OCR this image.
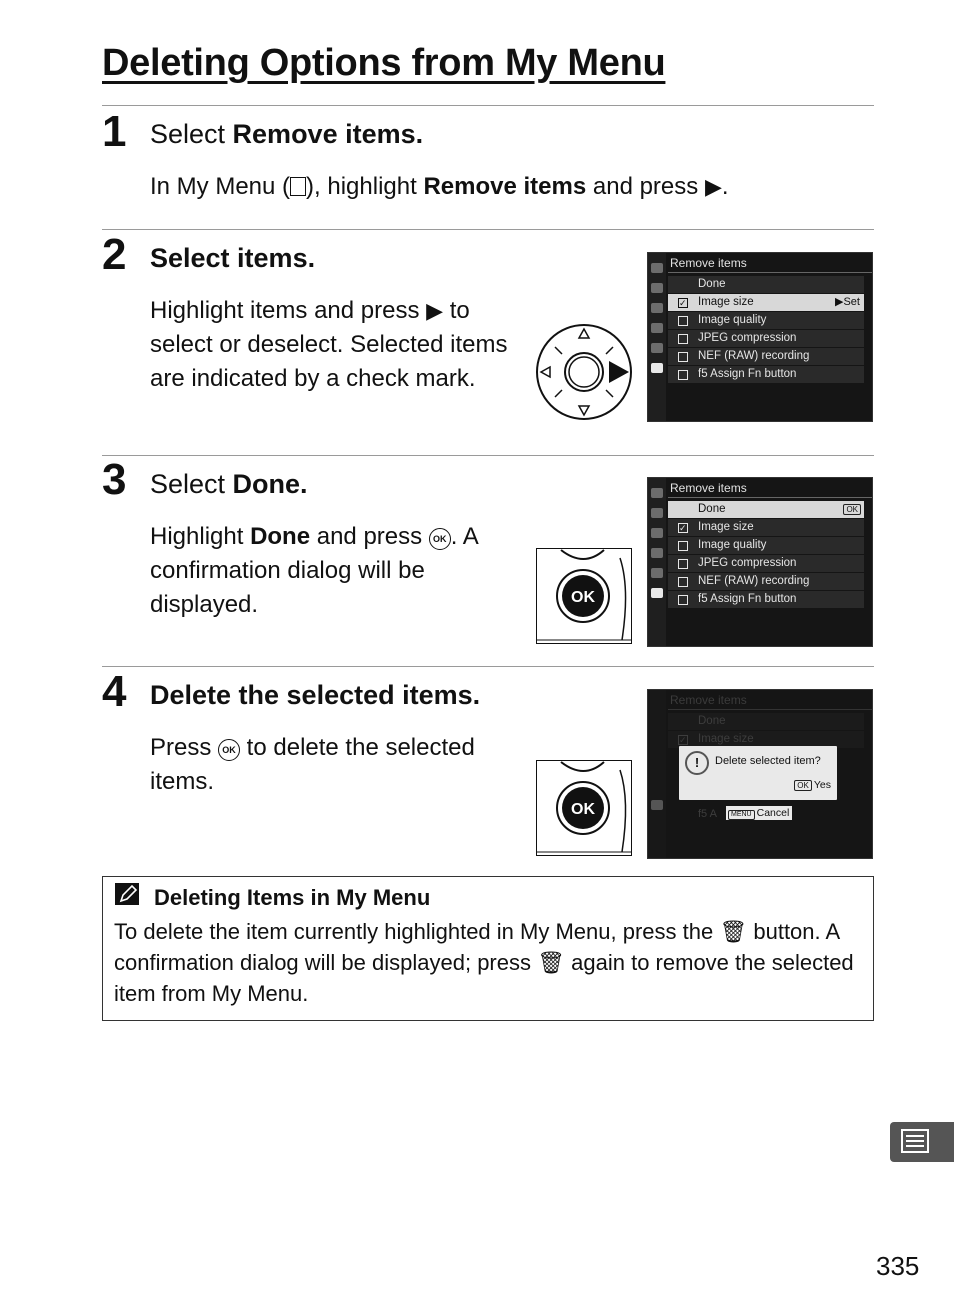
Deleting Options from My Menu
1 Select Remove items.
In My Menu ( ), highlight Remove items and press ▶.
2 Select items.
Highlight items and press ▶ to select or deselect. Selected items are indicated by a check mark.
Remove items
Done
✓
Image size	▶Set
Image quality
JPEG compression
NEF (RAW) recording
f5 Assign Fn button
3 Select Done.
Highlight Done and press OK . A confirmation dialog will be displayed.	OK
Remove items
Done	OK
✓
Image size
Image quality
JPEG compression
NEF (RAW) recording
f5 Assign Fn button
4 Delete the selected items.
Press OK to delete the selected items.
OK
Remove items
Done
✓
Image size
f5 A
!	Delete selected item?
OK Yes
MENU Cancel
Deleting Items in My Menu
To delete the item currently highlighted in My Menu, press the 🗑 button. A confirmation dialog will be displayed; press 🗑 again to remove the selected item from My Menu.
335
